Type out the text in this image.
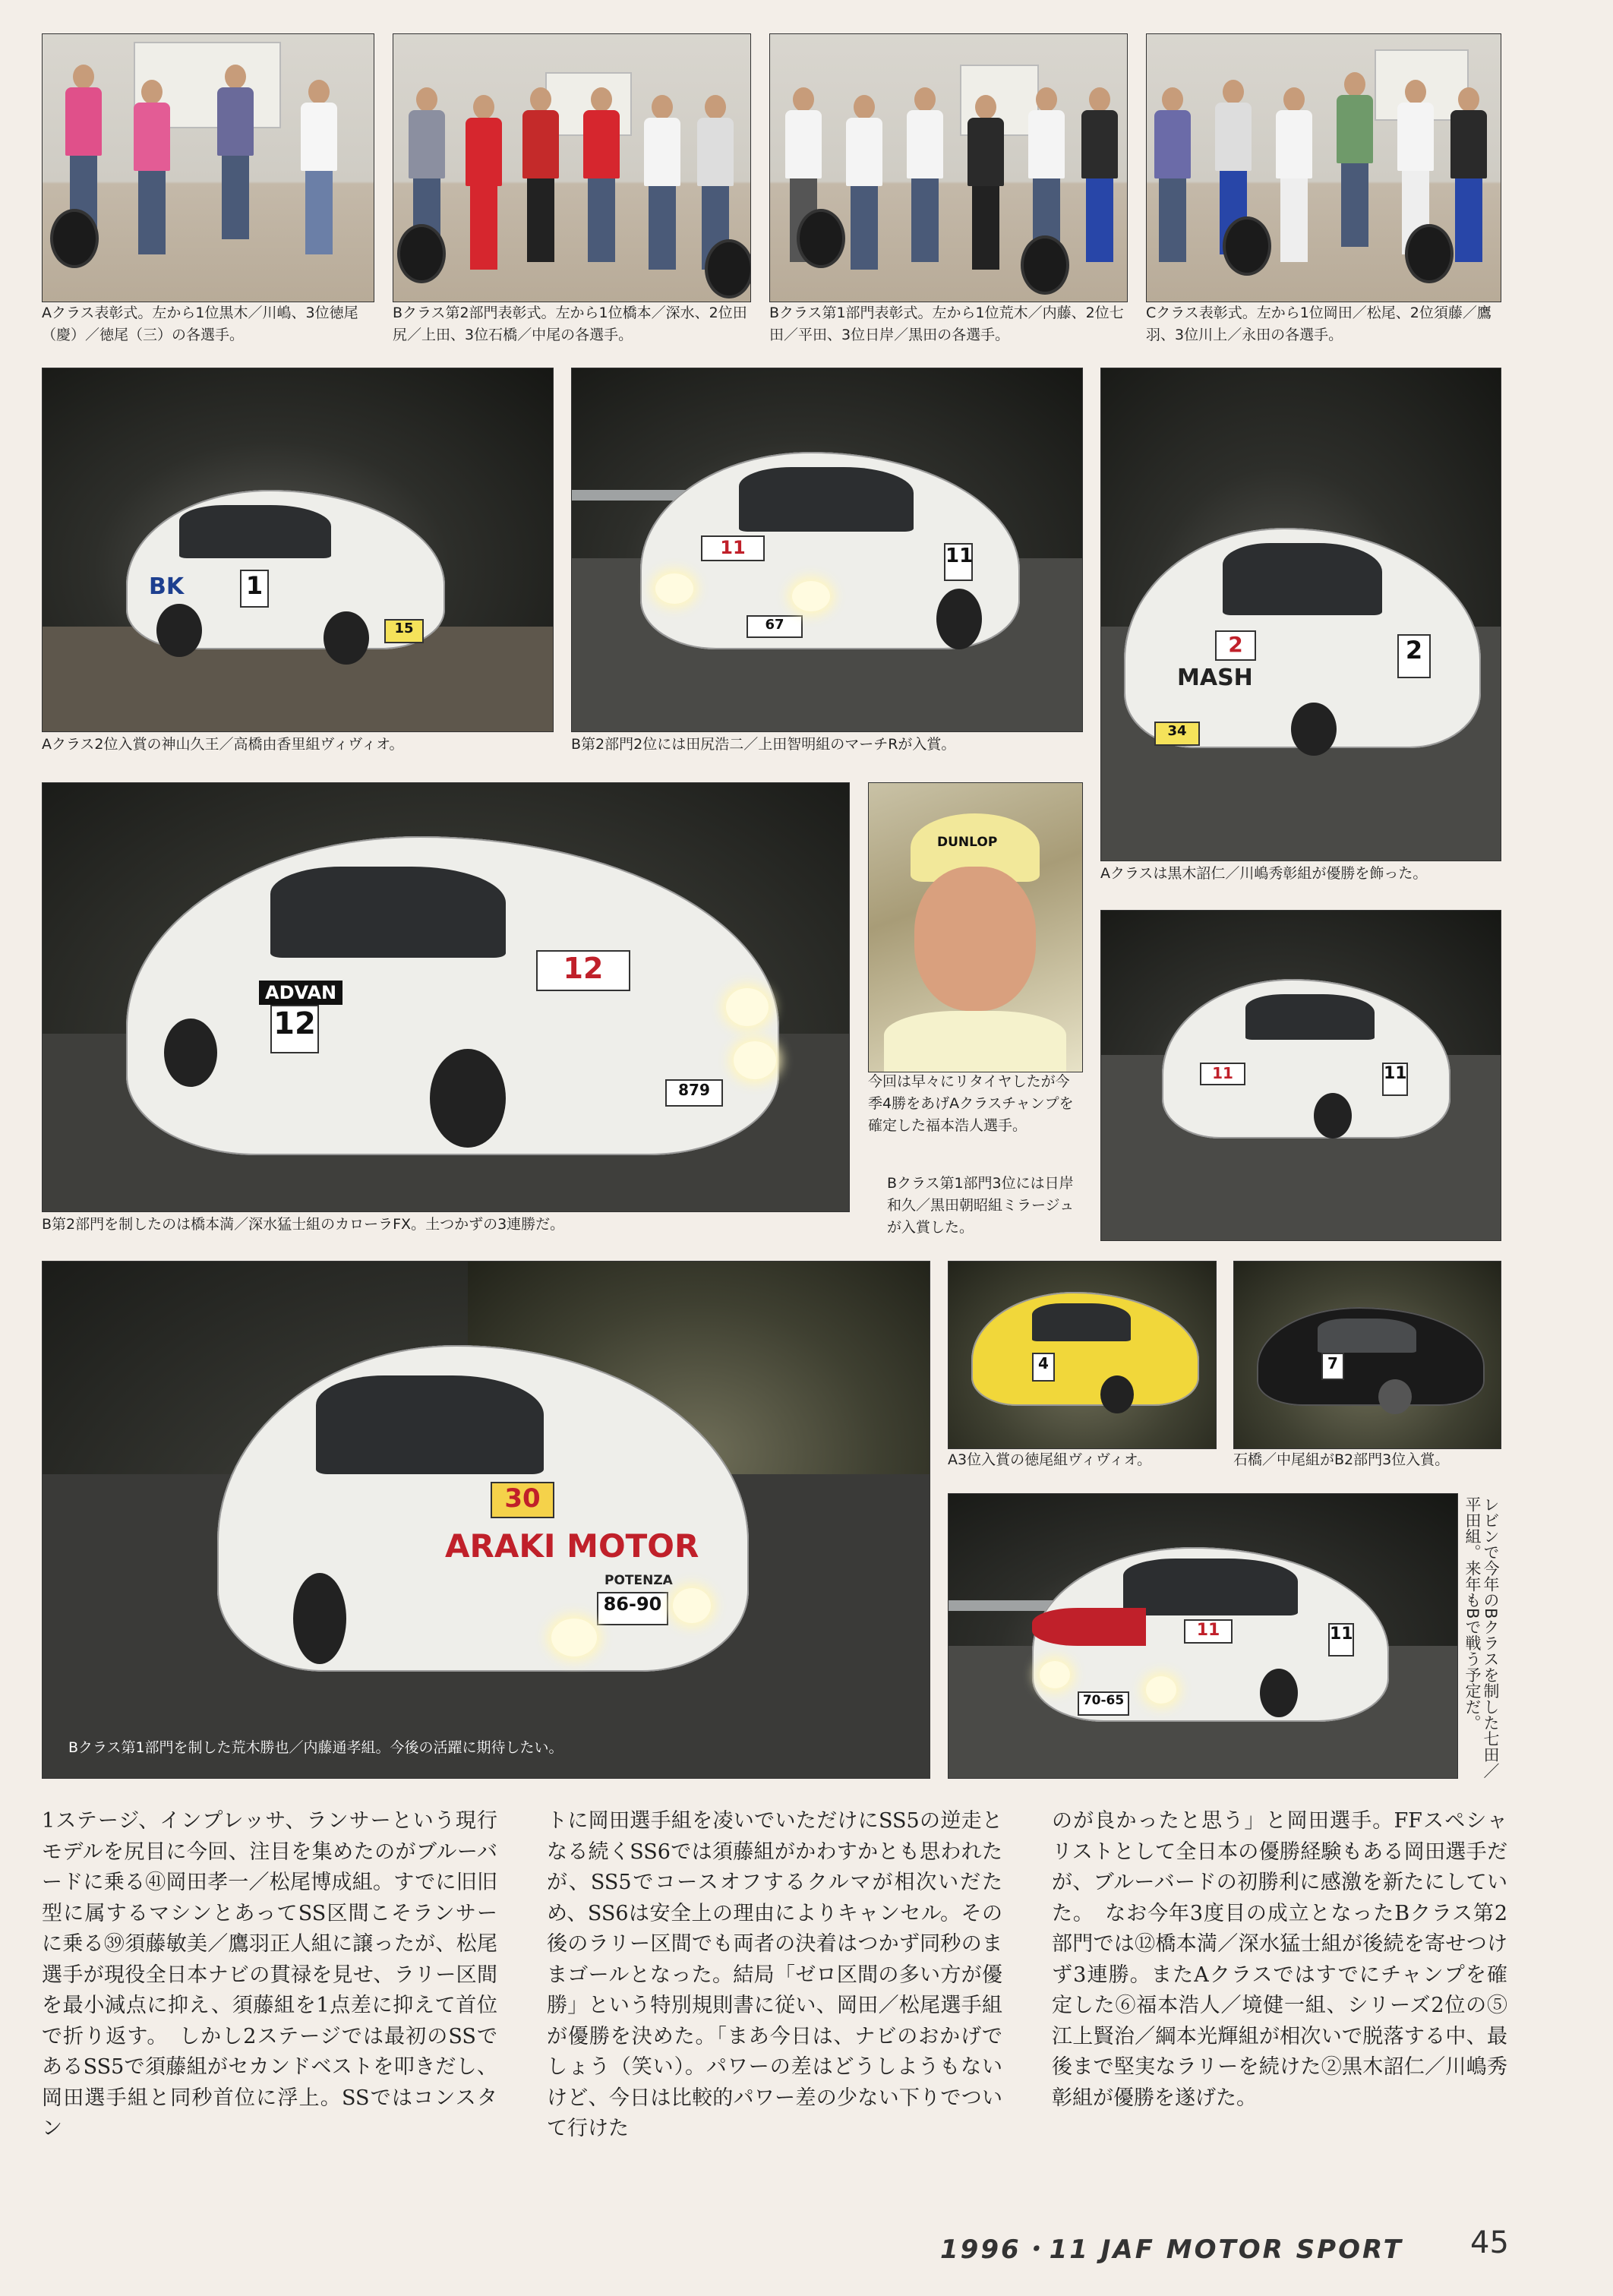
Aクラス表彰式。左から1位黒木／川嶋、3位徳尾（慶）／徳尾（三）の各選手。
Bクラス第2部門表彰式。左から1位橋本／深水、2位田尻／上田、3位石橋／中尾の各選手。
Bクラス第1部門表彰式。左から1位荒木／内藤、2位七田／平田、3位日岸／黒田の各選手。
Cクラス表彰式。左から1位岡田／松尾、2位須藤／鷹羽、3位川上／永田の各選手。
BK	1
15
Aクラス2位入賞の神山久王／高橋由香里組ヴィヴィオ。
11	11
67
B第2部門2位には田尻浩二／上田智明組のマーチRが入賞。
MASH
2	2
34
Aクラスは黒木詔仁／川嶋秀彰組が優勝を飾った。
12
ADVAN
12
879
B第2部門を制したのは橋本満／深水猛士組のカローラFX。土つかずの3連勝だ。
DUNLOP
今回は早々にリタイヤしたが今季4勝をあげAクラスチャンプを確定した福本浩人選手。
Bクラス第1部門3位には日岸和久／黒田朝昭組ミラージュが入賞した。
11	11
30
ARAKI MOTOR
POTENZA
86-90
Bクラス第1部門を制した荒木勝也／内藤通孝組。今後の活躍に期待したい。
4
A3位入賞の徳尾組ヴィヴィオ。
7
石橋／中尾組がB2部門3位入賞。
11	11
70-65	レビンで今年のBクラスを制した七田／平田組。来年もBで戦う予定だ。
1ステージ、インプレッサ、ランサーという現行モデルを尻目に今回、注目を集めたのがブルーバードに乗る㊶岡田孝一／松尾博成組。すでに旧旧型に属するマシンとあってSS区間こそランサーに乗る㊴須藤敏美／鷹羽正人組に譲ったが、松尾選手が現役全日本ナビの貫禄を見せ、ラリー区間を最小減点に抑え、須藤組を1点差に抑えて首位で折り返す。　しかし2ステージでは最初のSSであるSS5で須藤組がセカンドベストを叩きだし、岡田選手組と同秒首位に浮上。SSではコンスタン
トに岡田選手組を凌いでいただけにSS5の逆走となる続くSS6では須藤組がかわすかとも思われたが、SS5でコースオフするクルマが相次いだため、SS6は安全上の理由によりキャンセル。その後のラリー区間でも両者の決着はつかず同秒のままゴールとなった。結局「ゼロ区間の多い方が優勝」という特別規則書に従い、岡田／松尾選手組が優勝を決めた。「まあ今日は、ナビのおかげでしょう（笑い）。パワーの差はどうしようもないけど、今日は比較的パワー差の少ない下りでついて行けた
のが良かったと思う」と岡田選手。FFスペシャリストとして全日本の優勝経験もある岡田選手だが、ブルーバードの初勝利に感激を新たにしていた。　なお今年3度目の成立となったBクラス第2部門では⑫橋本満／深水猛士組が後続を寄せつけず3連勝。またAクラスではすでにチャンプを確定した⑥福本浩人／境健一組、シリーズ2位の⑤江上賢治／綱本光輝組が相次いで脱落する中、最後まで堅実なラリーを続けた②黒木詔仁／川嶋秀彰組が優勝を遂げた。
1996・11 JAF MOTOR SPORT 45
